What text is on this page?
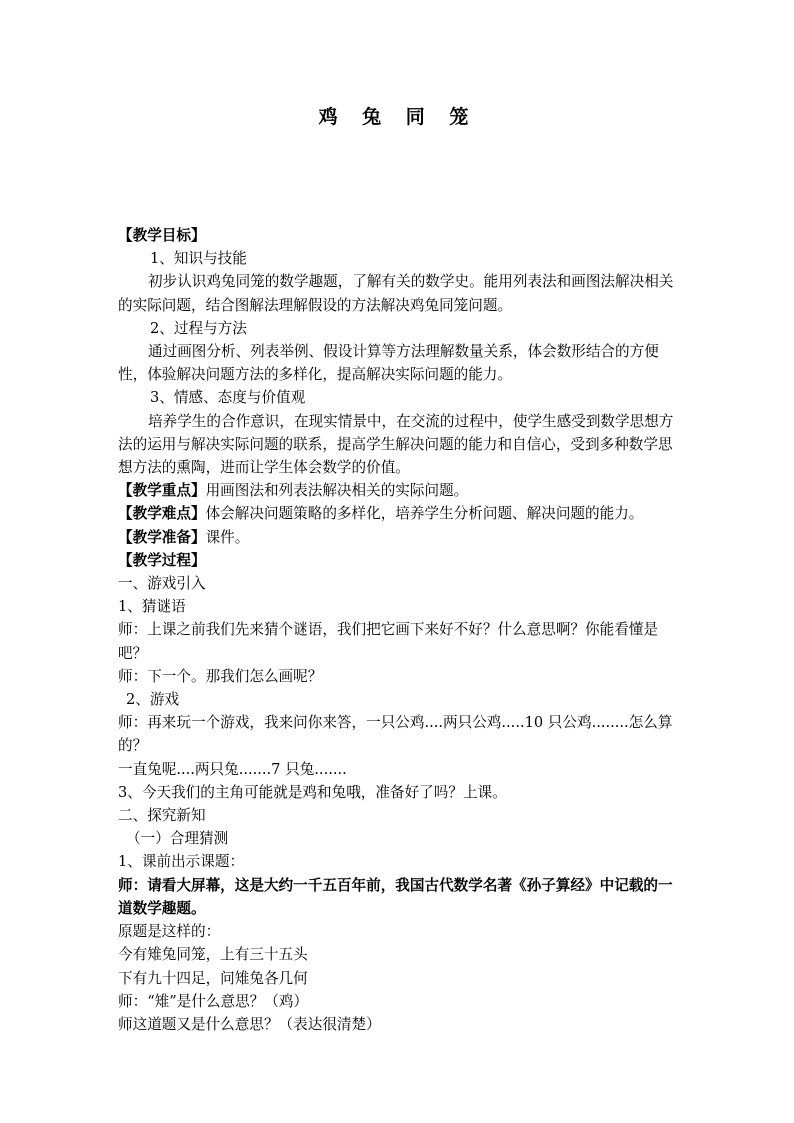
鸡 兔 同 笼

【教学目标】

1、知识与技能

初步认识鸡兔同笼的数学趣题，了解有关的数学史。能用列表法和画图法解决相关的实际问题，结合图解法理解假设的方法解决鸡兔同笼问题。

2、过程与方法

通过画图分析、列表举例、假设计算等方法理解数量关系，体会数形结合的方便性，体验解决问题方法的多样化，提高解决实际问题的能力。

3、情感、态度与价值观

培养学生的合作意识，在现实情景中，在交流的过程中，使学生感受到数学思想方法的运用与解决实际问题的联系，提高学生解决问题的能力和自信心，受到多种数学思想方法的熏陶，进而让学生体会数学的价值。

【教学重点】用画图法和列表法解决相关的实际问题。

【教学难点】体会解决问题策略的多样化，培养学生分析问题、解决问题的能力。

【教学准备】课件。

【教学过程】

一、游戏引入

1、猜谜语

师：上课之前我们先来猜个谜语，我们把它画下来好不好？什么意思啊？你能看懂是吧？

师：下一个。那我们怎么画呢？

2、游戏

师：再来玩一个游戏，我来问你来答，一只公鸡....两只公鸡.....10 只公鸡........怎么算的？

一直兔呢....两只兔.......7 只兔.......

3、今天我们的主角可能就是鸡和兔哦，准备好了吗？上课。

二、探究新知

（一）合理猜测

1、课前出示课题：

师：请看大屏幕，这是大约一千五百年前，我国古代数学名著《孙子算经》中记载的一道数学趣题。

原题是这样的：

今有雉兔同笼，上有三十五头

下有九十四足，问雉兔各几何

师：“雉”是什么意思？（鸡）

师这道题又是什么意思？（表达很清楚）
